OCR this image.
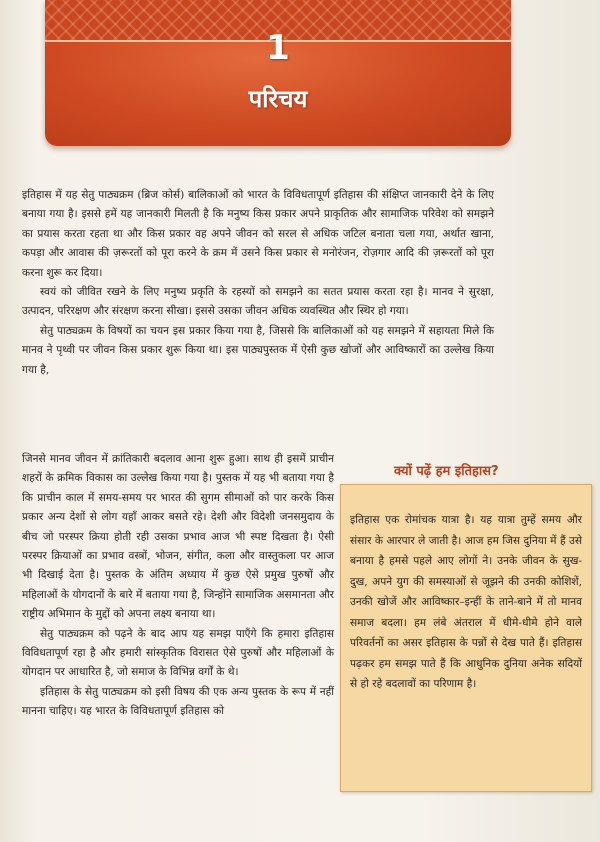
1
परिचय

इतिहास में यह सेतु पाठ्यक्रम (ब्रिज कोर्स) बालिकाओं को भारत के विविधतापूर्ण इतिहास की संक्षिप्त जानकारी देने के लिए बनाया गया है। इससे हमें यह जानकारी मिलती है कि मनुष्य किस प्रकार अपने प्राकृतिक और सामाजिक परिवेश को समझने का प्रयास करता रहता था और किस प्रकार वह अपने जीवन को सरल से अधिक जटिल बनाता चला गया, अर्थात खाना, कपड़ा और आवास की ज़रूरतों को पूरा करने के क्रम में उसने किस प्रकार से मनोरंजन, रोज़गार आदि की ज़रूरतों को पूरा करना शुरू कर दिया।

स्वयं को जीवित रखने के लिए मनुष्य प्रकृति के रहस्यों को समझने का सतत प्रयास करता रहा है। मानव ने सुरक्षा, उत्पादन, परिरक्षण और संरक्षण करना सीखा। इससे उसका जीवन अधिक व्यवस्थित और स्थिर हो गया।

सेतु पाठ्यक्रम के विषयों का चयन इस प्रकार किया गया है, जिससे कि बालिकाओं को यह समझने में सहायता मिले कि मानव ने पृथ्वी पर जीवन किस प्रकार शुरू किया था। इस पाठ्यपुस्तक में ऐसी कुछ खोजों और आविष्कारों का उल्लेख किया गया है,

जिनसे मानव जीवन में क्रांतिकारी बदलाव आना शुरू हुआ। साथ ही इसमें प्राचीन शहरों के क्रमिक विकास का उल्लेख किया गया है। पुस्तक में यह भी बताया गया है कि प्राचीन काल में समय-समय पर भारत की सुगम सीमाओं को पार करके किस प्रकार अन्य देशों से लोग यहाँ आकर बसते रहे। देशी और विदेशी जनसमुदाय के बीच जो परस्पर क्रिया होती रही उसका प्रभाव आज भी स्पष्ट दिखता है। ऐसी परस्पर क्रियाओं का प्रभाव वस्त्रों, भोजन, संगीत, कला और वास्तुकला पर आज भी दिखाई देता है। पुस्तक के अंतिम अध्याय में कुछ ऐसे प्रमुख पुरुषों और महिलाओं के योगदानों के बारे में बताया गया है, जिन्होंने सामाजिक असमानता और राष्ट्रीय अभिमान के मुद्दों को अपना लक्ष्य बनाया था।

सेतु पाठ्यक्रम को पढ़ने के बाद आप यह समझ पाएँगे कि हमारा इतिहास विविधतापूर्ण रहा है और हमारी सांस्कृतिक विरासत ऐसे पुरुषों और महिलाओं के योगदान पर आधारित है, जो समाज के विभिन्न वर्गों के थे।

इतिहास के सेतु पाठ्यक्रम को इसी विषय की एक अन्य पुस्तक के रूप में नहीं मानना चाहिए। यह भारत के विविधतापूर्ण इतिहास को

क्यों पढ़ें हम इतिहास?
इतिहास एक रोमांचक यात्रा है। यह यात्रा तुम्हें समय और संसार के आरपार ले जाती है। आज हम जिस दुनिया में हैं उसे बनाया है हमसे पहले आए लोगों ने। उनके जीवन के सुख-दुख, अपने युग की समस्याओं से जूझने की उनकी कोशिशें, उनकी खोजें और आविष्कार–इन्हीं के ताने-बाने में तो मानव समाज बदला। हम लंबे अंतराल में धीमे-धीमे होने वाले परिवर्तनों का असर इतिहास के पन्नों से देख पाते हैं। इतिहास पढ़कर हम समझ पाते हैं कि आधुनिक दुनिया अनेक सदियों से हो रहे बदलावों का परिणाम है।
